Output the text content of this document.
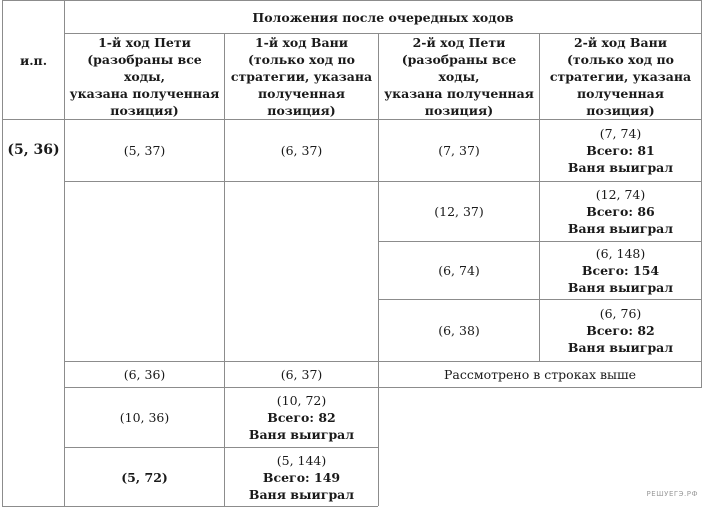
и.п.	Положения после очередных ходов			

	1-й ход Пети
(разобраны все ходы,
указана полученная
позиция)	1-й ход Вани
(только ход по
стратегии, указана
полученная позиция)	2-й ход Пети
(разобраны все ходы,
указана полученная
позиция)	2-й ход Вани
(только ход по
стратегии, указана
полученная позиция)

(5, 36)	(5, 37)	(6, 37)	(7, 37)	(7, 74)
Всего: 81
Ваня выиграл

			(12, 37)	(12, 74)
Всего: 86
Ваня выиграл

			(6, 74)	(6, 148)
Всего: 154
Ваня выиграл

			(6, 38)	(6, 76)
Всего: 82
Ваня выиграл

	(6, 36)	(6, 37)	Рассмотрено в строках выше	
	(10, 36)	(10, 72)
Всего: 82
Ваня выиграл		

	(5, 72)	(5, 144)
Всего: 149
Ваня выиграл			РЕШУЕГЭ.РФ
